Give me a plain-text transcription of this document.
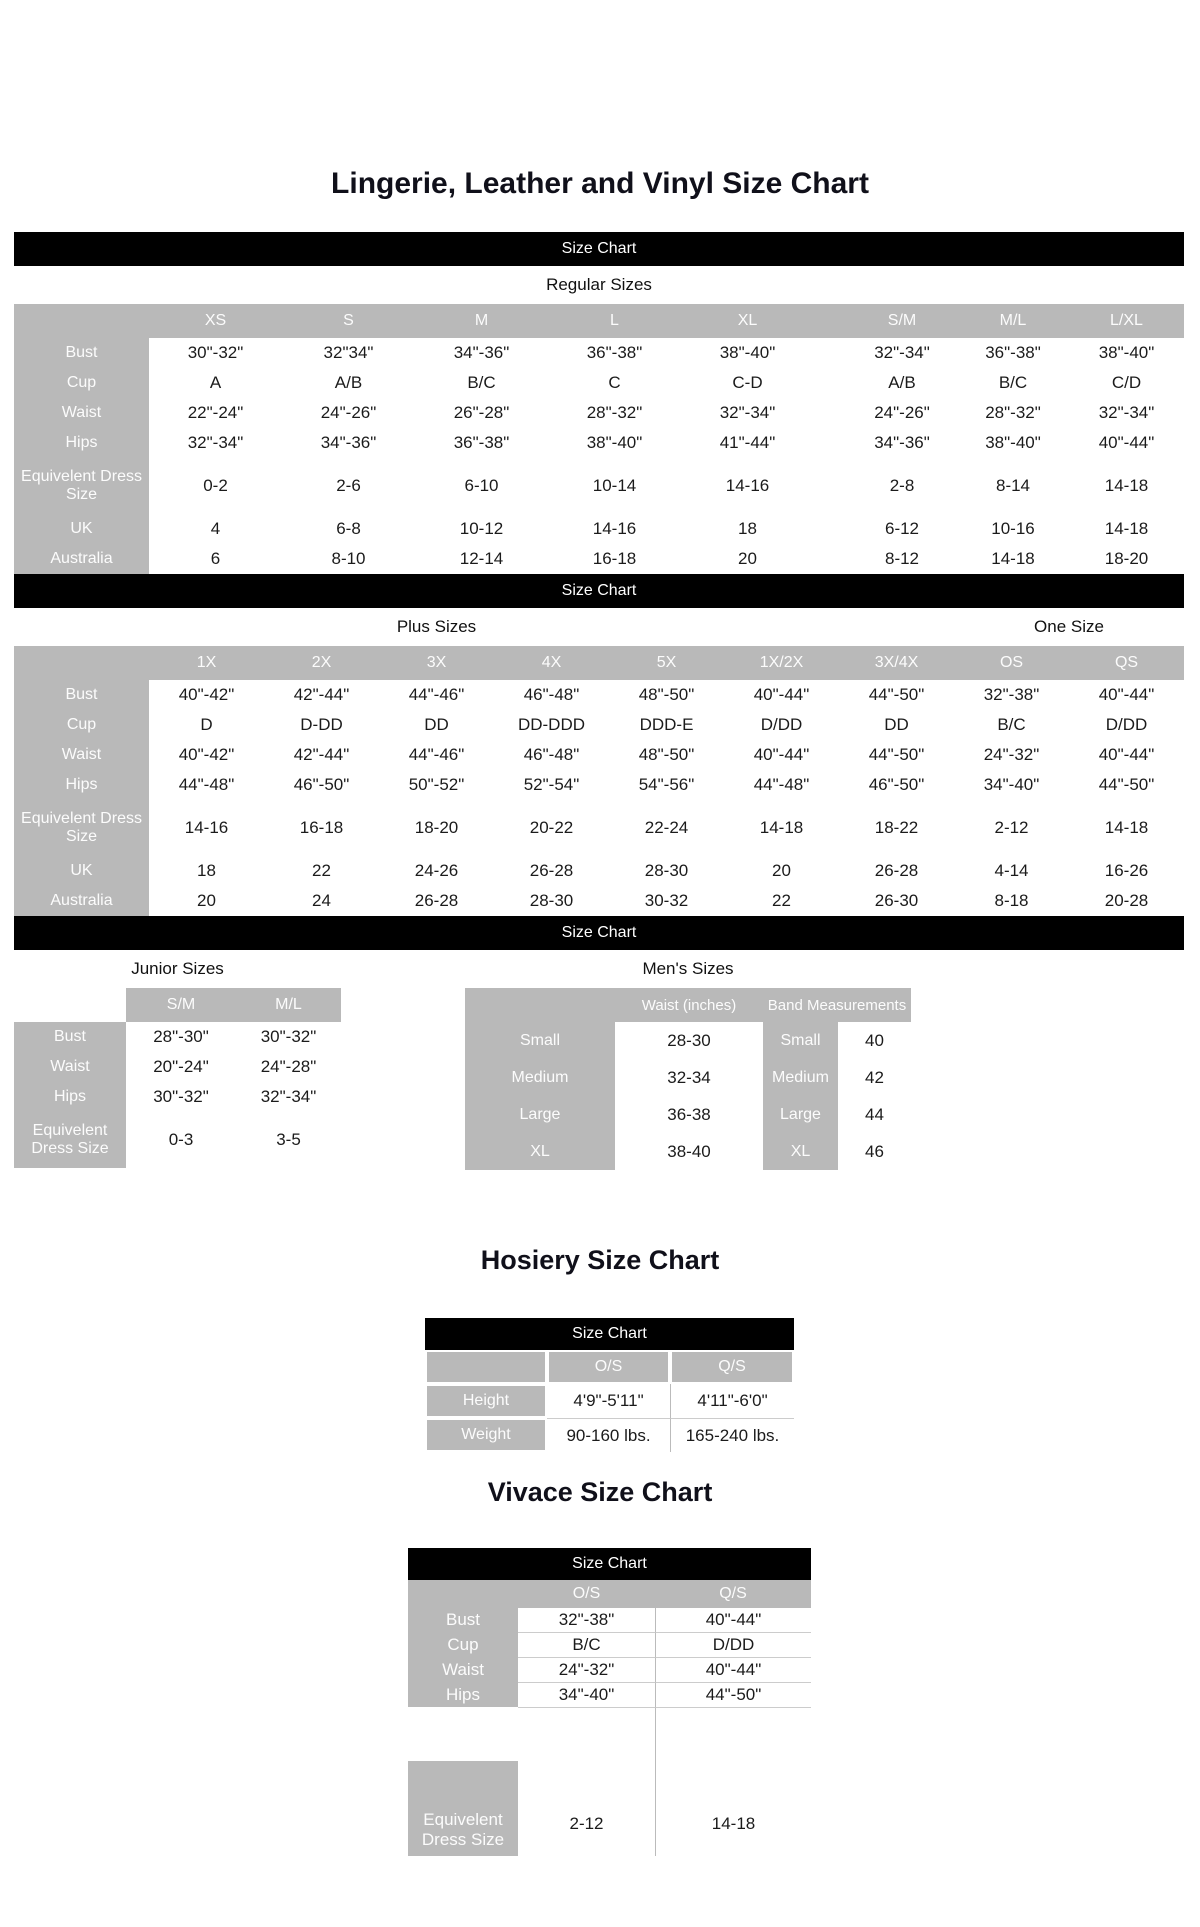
Lingerie, Leather and Vinyl Size Chart
Size Chart
Regular Sizes
	XS	S	M	L	XL		S/M	M/L	L/XL
Bust	30"-32"	32"34"	34"-36"	36"-38"	38"-40"		32"-34"	36"-38"	38"-40"
Cup	A	A/B	B/C	C	C-D		A/B	B/C	C/D
Waist	22"-24"	24"-26"	26"-28"	28"-32"	32"-34"		24"-26"	28"-32"	32"-34"
Hips	32"-34"	34"-36"	36"-38"	38"-40"	41"-44"		34"-36"	38"-40"	40"-44"
Equivelent Dress Size	0-2	2-6	6-10	10-14	14-16		2-8	8-14	14-18
UK	4	6-8	10-12	14-16	18		6-12	10-16	14-18
Australia	6	8-10	12-14	16-18	20		8-12	14-18	18-20
Size Chart
Plus Sizes	One Size
	1X	2X	3X	4X	5X	1X/2X	3X/4X	OS	QS
Bust	40"-42"	42"-44"	44"-46"	46"-48"	48"-50"	40"-44"	44"-50"	32"-38"	40"-44"
Cup	D	D-DD	DD	DD-DDD	DDD-E	D/DD	DD	B/C	D/DD
Waist	40"-42"	42"-44"	44"-46"	46"-48"	48"-50"	40"-44"	44"-50"	24"-32"	40"-44"
Hips	44"-48"	46"-50"	50"-52"	52"-54"	54"-56"	44"-48"	46"-50"	34"-40"	44"-50"
Equivelent Dress Size	14-16	16-18	18-20	20-22	22-24	14-18	18-22	2-12	14-18
UK	18	22	24-26	26-28	28-30	20	26-28	4-14	16-26
Australia	20	24	26-28	28-30	30-32	22	26-30	8-18	20-28
Size Chart
Junior Sizes	Men's Sizes
	S/M	M/L
Bust	28"-30"	30"-32"
Waist	20"-24"	24"-28"
Hips	30"-32"	32"-34"
Equivelent Dress Size	0-3	3-5
	Waist (inches)	Band Measurements	
Small	28-30	Small	40
Medium	32-34	Medium	42
Large	36-38	Large	44
XL	38-40	XL	46
Hosiery Size Chart
Size Chart
	O/S	Q/S
Height	4'9"-5'11"	4'11"-6'0"
Weight	90-160 lbs.	165-240 lbs.
Vivace Size Chart
Size Chart
	O/S	Q/S
Bust	32"-38"	40"-44"
Cup	B/C	D/DD
Waist	24"-32"	40"-44"
Hips	34"-40"	44"-50"
Equivelent Dress Size	2-12	14-18
